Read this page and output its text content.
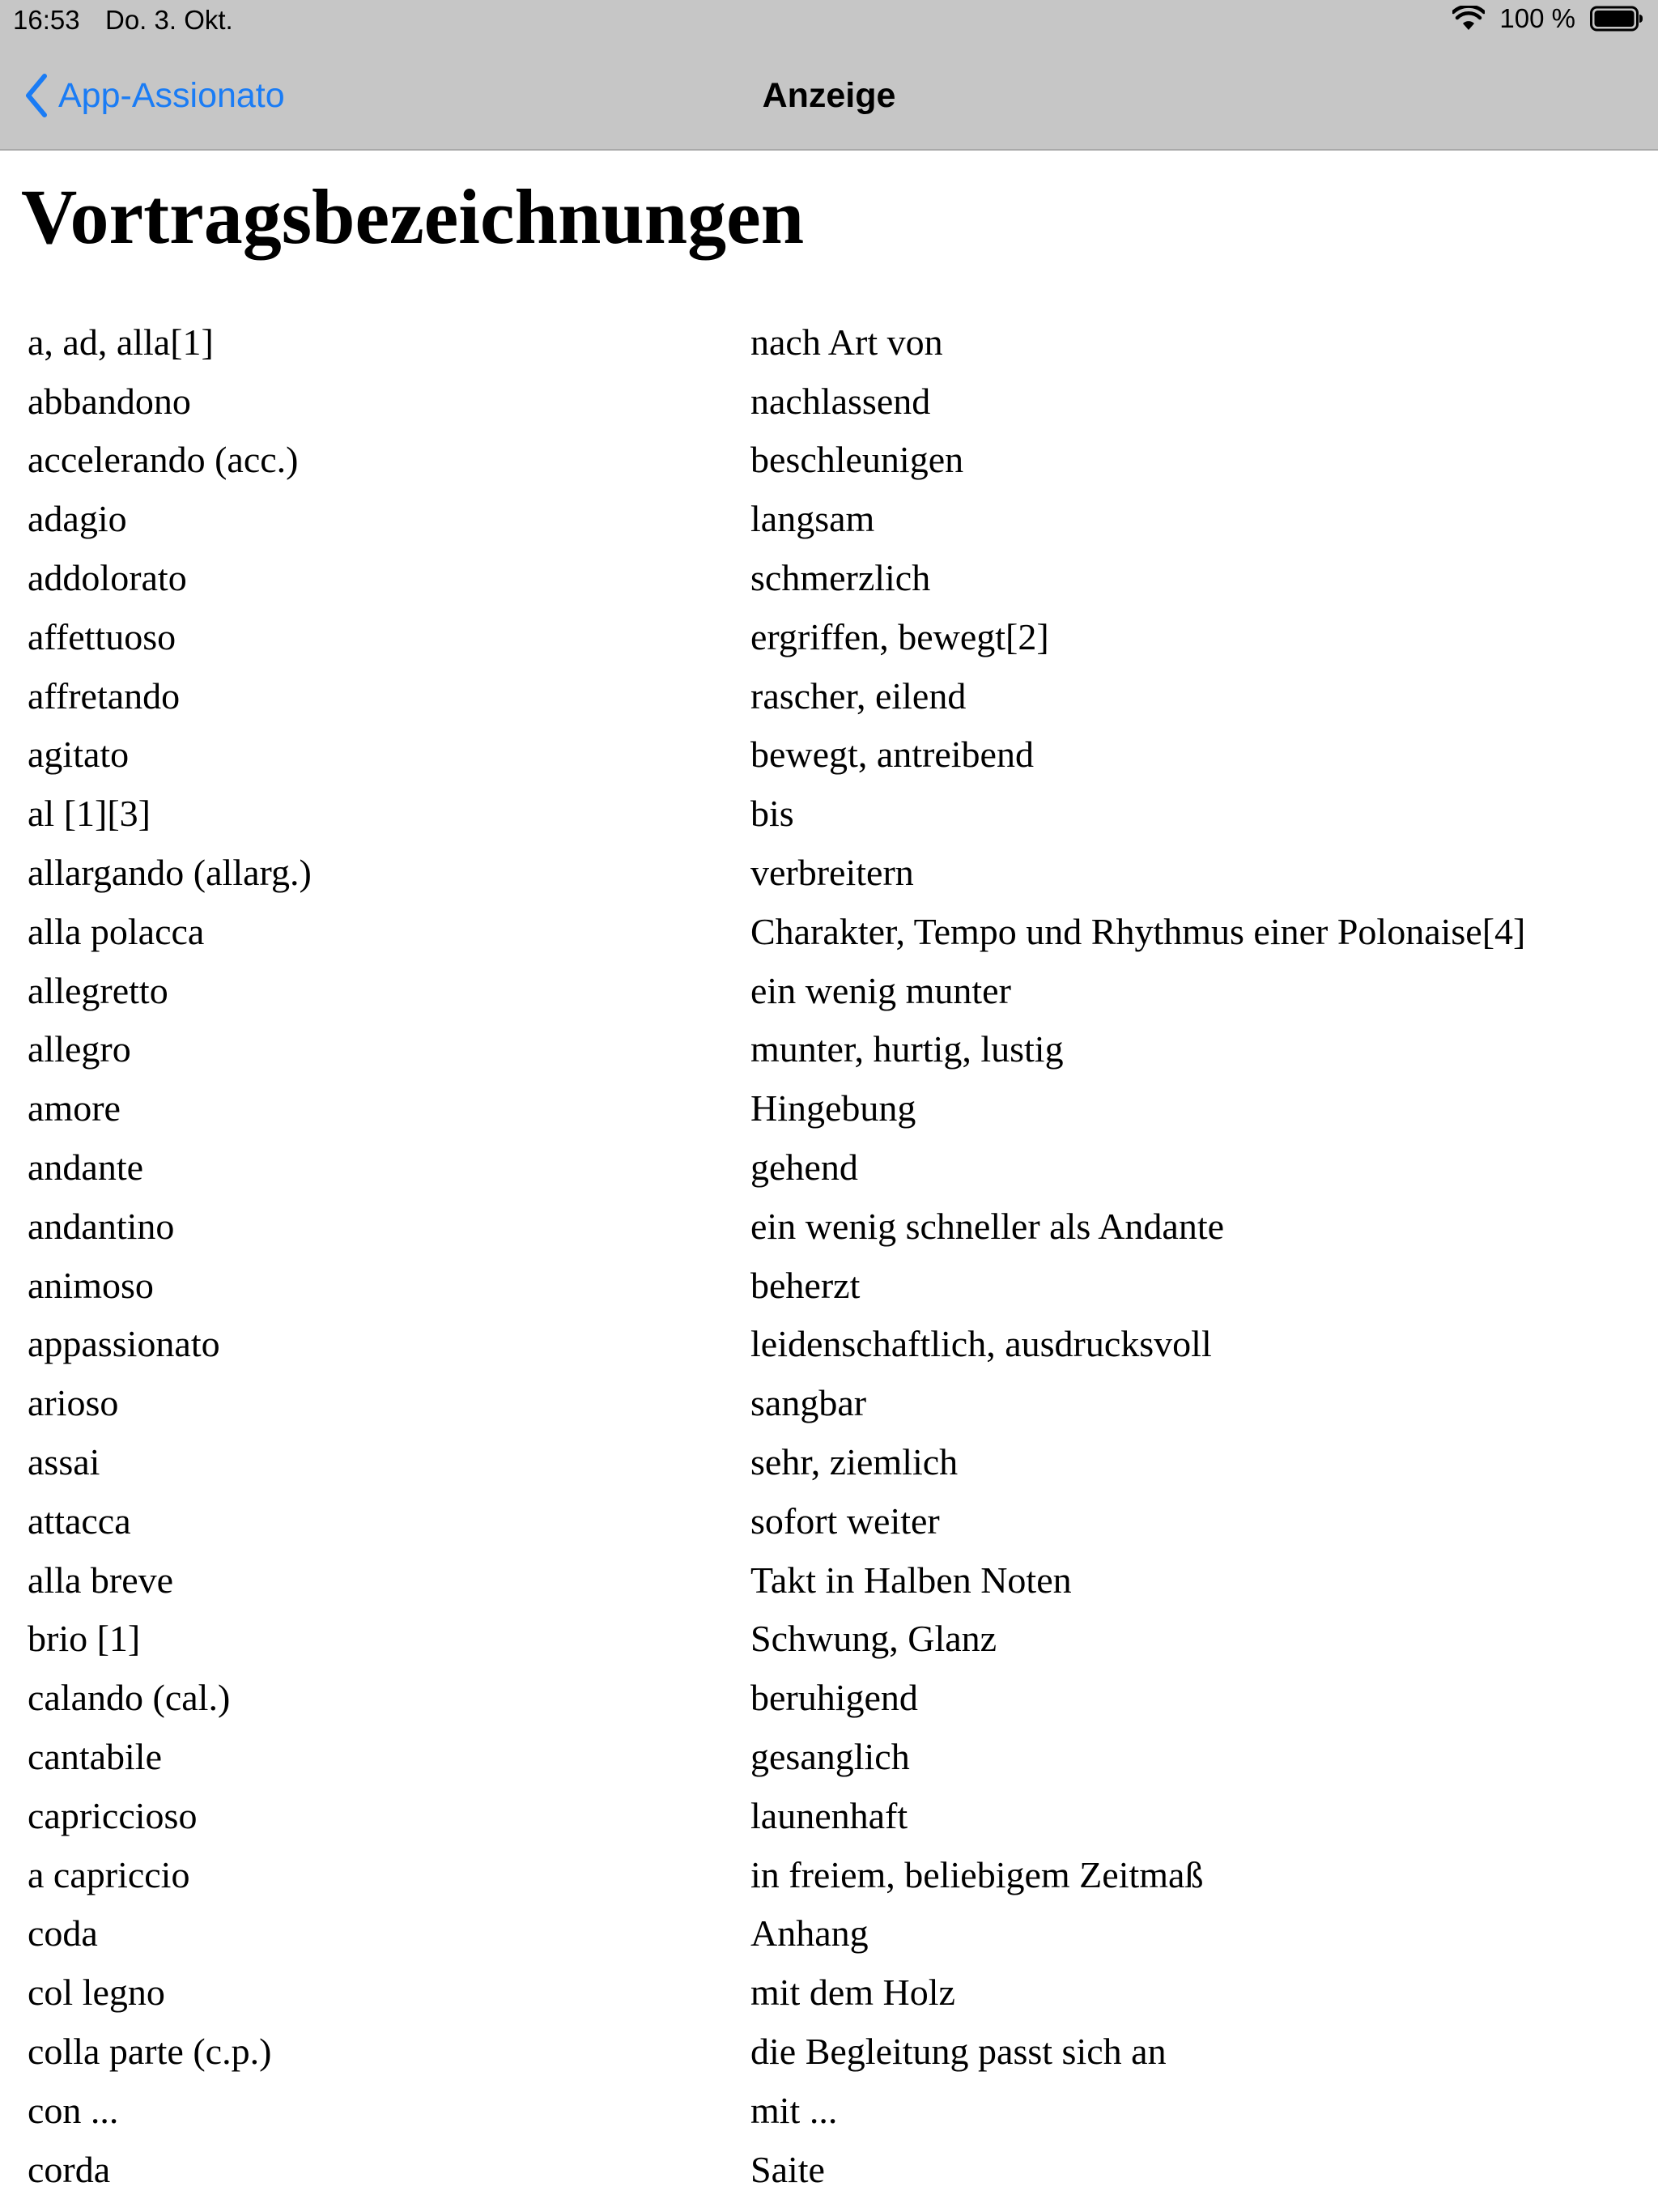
16:53 Do. 3. Okt.	100 %
App-Assionato	Anzeige
Vortragsbezeichnungen
a, ad, alla[1]	nach Art von
abbandono	nachlassend
accelerando (acc.)	beschleunigen
adagio	langsam
addolorato	schmerzlich
affettuoso	ergriffen, bewegt[2]
affretando	rascher, eilend
agitato	bewegt, antreibend
al [1][3]	bis
allargando (allarg.)	verbreitern
alla polacca	Charakter, Tempo und Rhythmus einer Polonaise[4]
allegretto	ein wenig munter
allegro	munter, hurtig, lustig
amore	Hingebung
andante	gehend
andantino	ein wenig schneller als Andante
animoso	beherzt
appassionato	leidenschaftlich, ausdrucksvoll
arioso	sangbar
assai	sehr, ziemlich
attacca	sofort weiter
alla breve	Takt in Halben Noten
brio [1]	Schwung, Glanz
calando (cal.)	beruhigend
cantabile	gesanglich
capriccioso	launenhaft
a capriccio	in freiem, beliebigem Zeitmaß
coda	Anhang
col legno	mit dem Holz
colla parte (c.p.)	die Begleitung passt sich an
con ...	mit ...
corda	Saite
